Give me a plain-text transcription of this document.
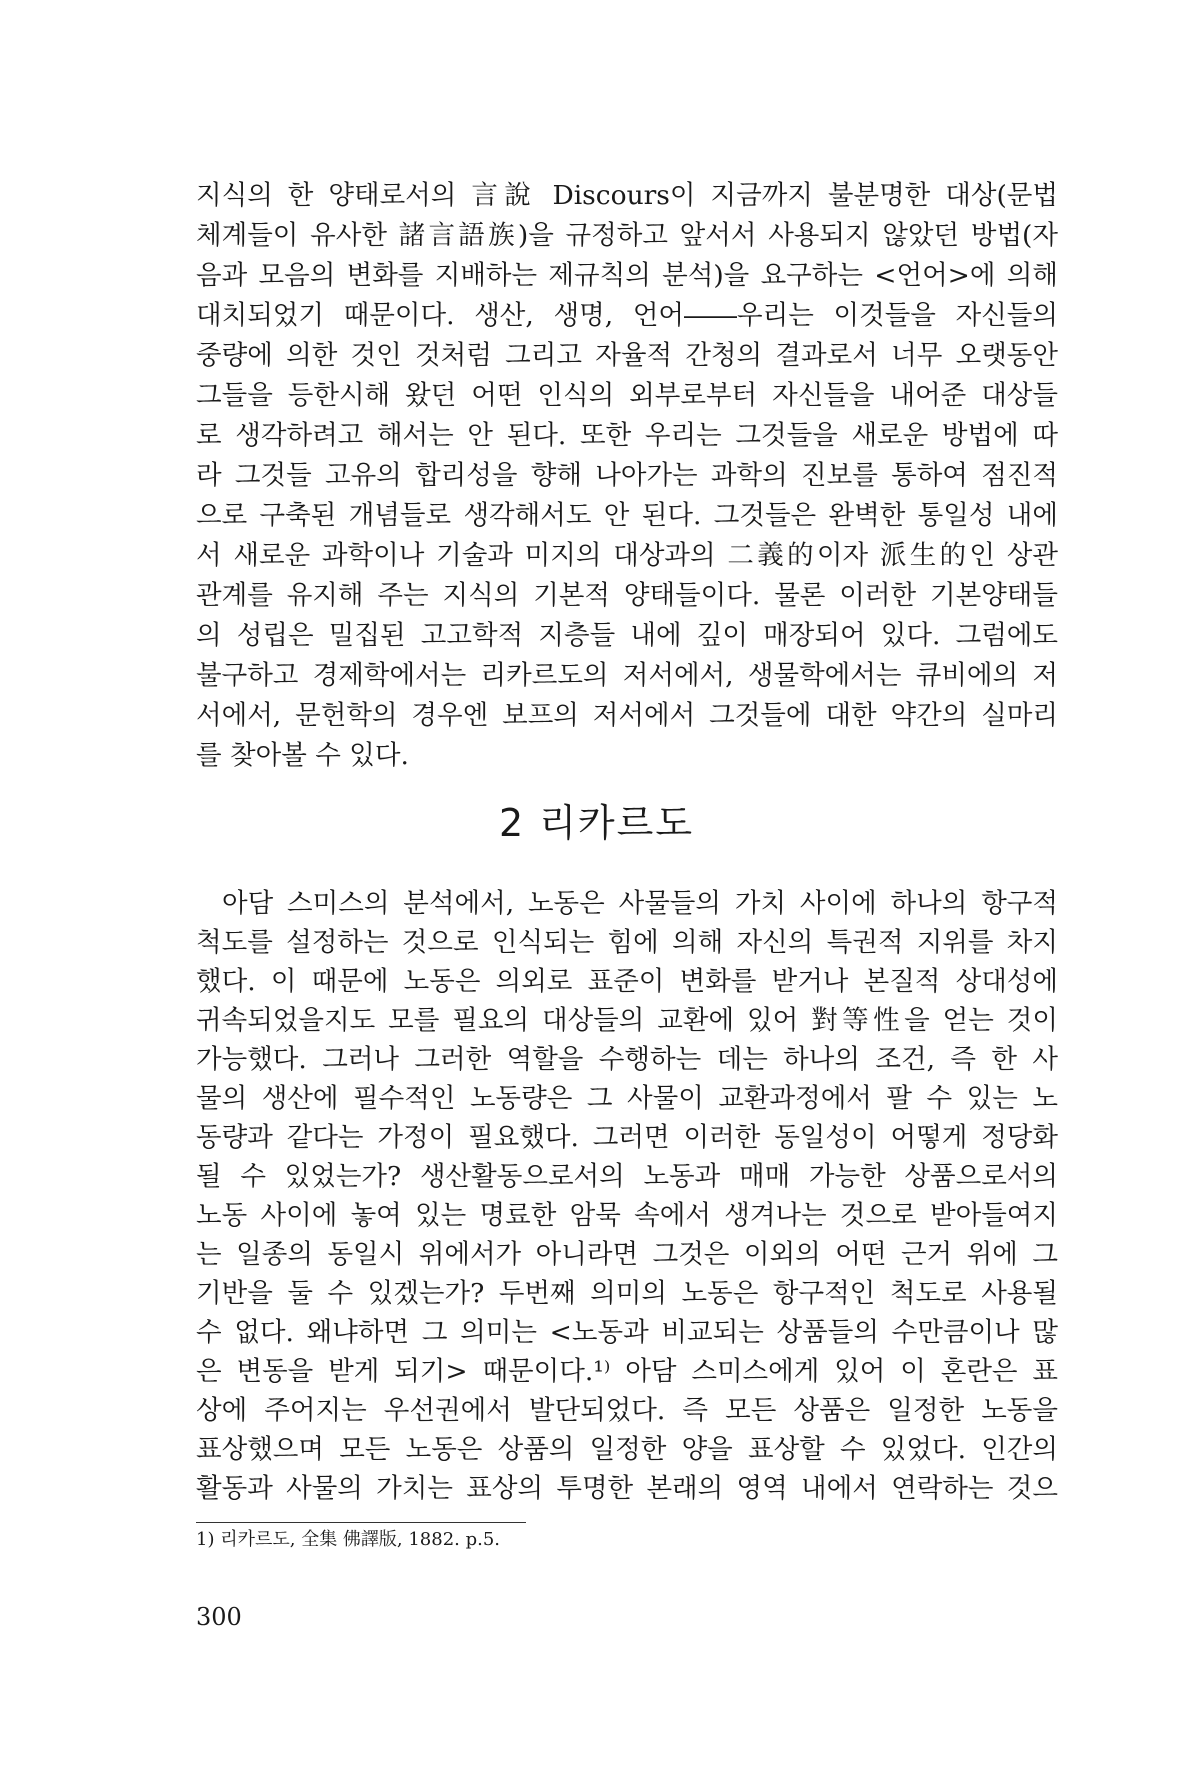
지식의 한 양태로서의 言說 Discours이 지금까지 불분명한 대상(문법
체계들이 유사한 諸言語族)을 규정하고 앞서서 사용되지 않았던 방법(자
음과 모음의 변화를 지배하는 제규칙의 분석)을 요구하는 <언어>에 의해
대치되었기 때문이다. 생산, 생명, 언어――우리는 이것들을 자신들의
중량에 의한 것인 것처럼 그리고 자율적 간청의 결과로서 너무 오랫동안
그들을 등한시해 왔던 어떤 인식의 외부로부터 자신들을 내어준 대상들
로 생각하려고 해서는 안 된다. 또한 우리는 그것들을 새로운 방법에 따
라 그것들 고유의 합리성을 향해 나아가는 과학의 진보를 통하여 점진적
으로 구축된 개념들로 생각해서도 안 된다. 그것들은 완벽한 통일성 내에
서 새로운 과학이나 기술과 미지의 대상과의 二義的이자 派生的인 상관
관계를 유지해 주는 지식의 기본적 양태들이다. 물론 이러한 기본양태들
의 성립은 밀집된 고고학적 지층들 내에 깊이 매장되어 있다. 그럼에도
불구하고 경제학에서는 리카르도의 저서에서, 생물학에서는 큐비에의 저
서에서, 문헌학의 경우엔 보프의 저서에서 그것들에 대한 약간의 실마리
를 찾아볼 수 있다.
2 리카르도
아담 스미스의 분석에서, 노동은 사물들의 가치 사이에 하나의 항구적
척도를 설정하는 것으로 인식되는 힘에 의해 자신의 특권적 지위를 차지
했다. 이 때문에 노동은 의외로 표준이 변화를 받거나 본질적 상대성에
귀속되었을지도 모를 필요의 대상들의 교환에 있어 對等性을 얻는 것이
가능했다. 그러나 그러한 역할을 수행하는 데는 하나의 조건, 즉 한 사
물의 생산에 필수적인 노동량은 그 사물이 교환과정에서 팔 수 있는 노
동량과 같다는 가정이 필요했다. 그러면 이러한 동일성이 어떻게 정당화
될 수 있었는가? 생산활동으로서의 노동과 매매 가능한 상품으로서의
노동 사이에 놓여 있는 명료한 암묵 속에서 생겨나는 것으로 받아들여지
는 일종의 동일시 위에서가 아니라면 그것은 이외의 어떤 근거 위에 그
기반을 둘 수 있겠는가? 두번째 의미의 노동은 항구적인 척도로 사용될
수 없다. 왜냐하면 그 의미는 <노동과 비교되는 상품들의 수만큼이나 많
은 변동을 받게 되기> 때문이다.¹⁾ 아담 스미스에게 있어 이 혼란은 표
상에 주어지는 우선권에서 발단되었다. 즉 모든 상품은 일정한 노동을
표상했으며 모든 노동은 상품의 일정한 양을 표상할 수 있었다. 인간의
활동과 사물의 가치는 표상의 투명한 본래의 영역 내에서 연락하는 것으
1) 리카르도, 全集 佛譯版, 1882. p.5.
300
